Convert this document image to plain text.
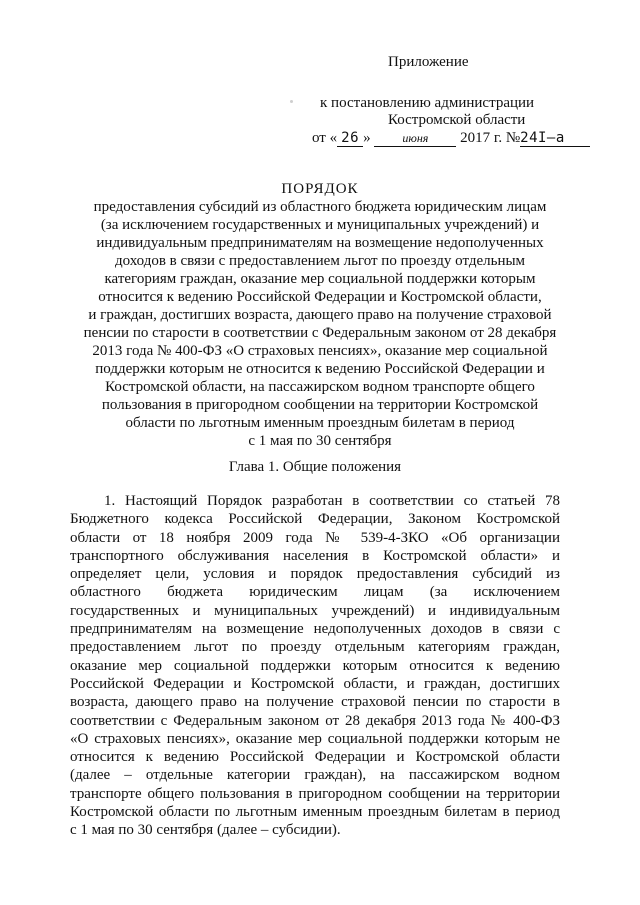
Приложение
к постановлению администрации
Костромской области
от « 26 » июня 2017 г. №24I–а
ПОРЯДОК
предоставления субсидий из областного бюджета юридическим лицам
(за исключением государственных и муниципальных учреждений) и
индивидуальным предпринимателям на возмещение недополученных
доходов в связи с предоставлением льгот по проезду отдельным
категориям граждан, оказание мер социальной поддержки которым
относится к ведению Российской Федерации и Костромской области,
и граждан, достигших возраста, дающего право на получение страховой
пенсии по старости в соответствии с Федеральным законом от 28 декабря
2013 года № 400-ФЗ «О страховых пенсиях», оказание мер социальной
поддержки которым не относится к ведению Российской Федерации и
Костромской области, на пассажирском водном транспорте общего
пользования в пригородном сообщении на территории Костромской
области по льготным именным проездным билетам в период
с 1 мая по 30 сентября
Глава 1. Общие положения
1. Настоящий Порядок разработан в соответствии со статьей 78
Бюджетного кодекса Российской Федерации, Законом Костромской
области от 18 ноября 2009 года № 539-4-ЗКО «Об организации
транспортного обслуживания населения в Костромской области» и
определяет цели, условия и порядок предоставления субсидий из
областного бюджета юридическим лицам (за исключением
государственных и муниципальных учреждений) и индивидуальным
предпринимателям на возмещение недополученных доходов в связи с
предоставлением льгот по проезду отдельным категориям граждан,
оказание мер социальной поддержки которым относится к ведению
Российской Федерации и Костромской области, и граждан, достигших
возраста, дающего право на получение страховой пенсии по старости в
соответствии с Федеральным законом от 28 декабря 2013 года № 400-ФЗ
«О страховых пенсиях», оказание мер социальной поддержки которым не
относится к ведению Российской Федерации и Костромской области
(далее – отдельные категории граждан), на пассажирском водном
транспорте общего пользования в пригородном сообщении на территории
Костромской области по льготным именным проездным билетам в период
с 1 мая по 30 сентября (далее – субсидии).
